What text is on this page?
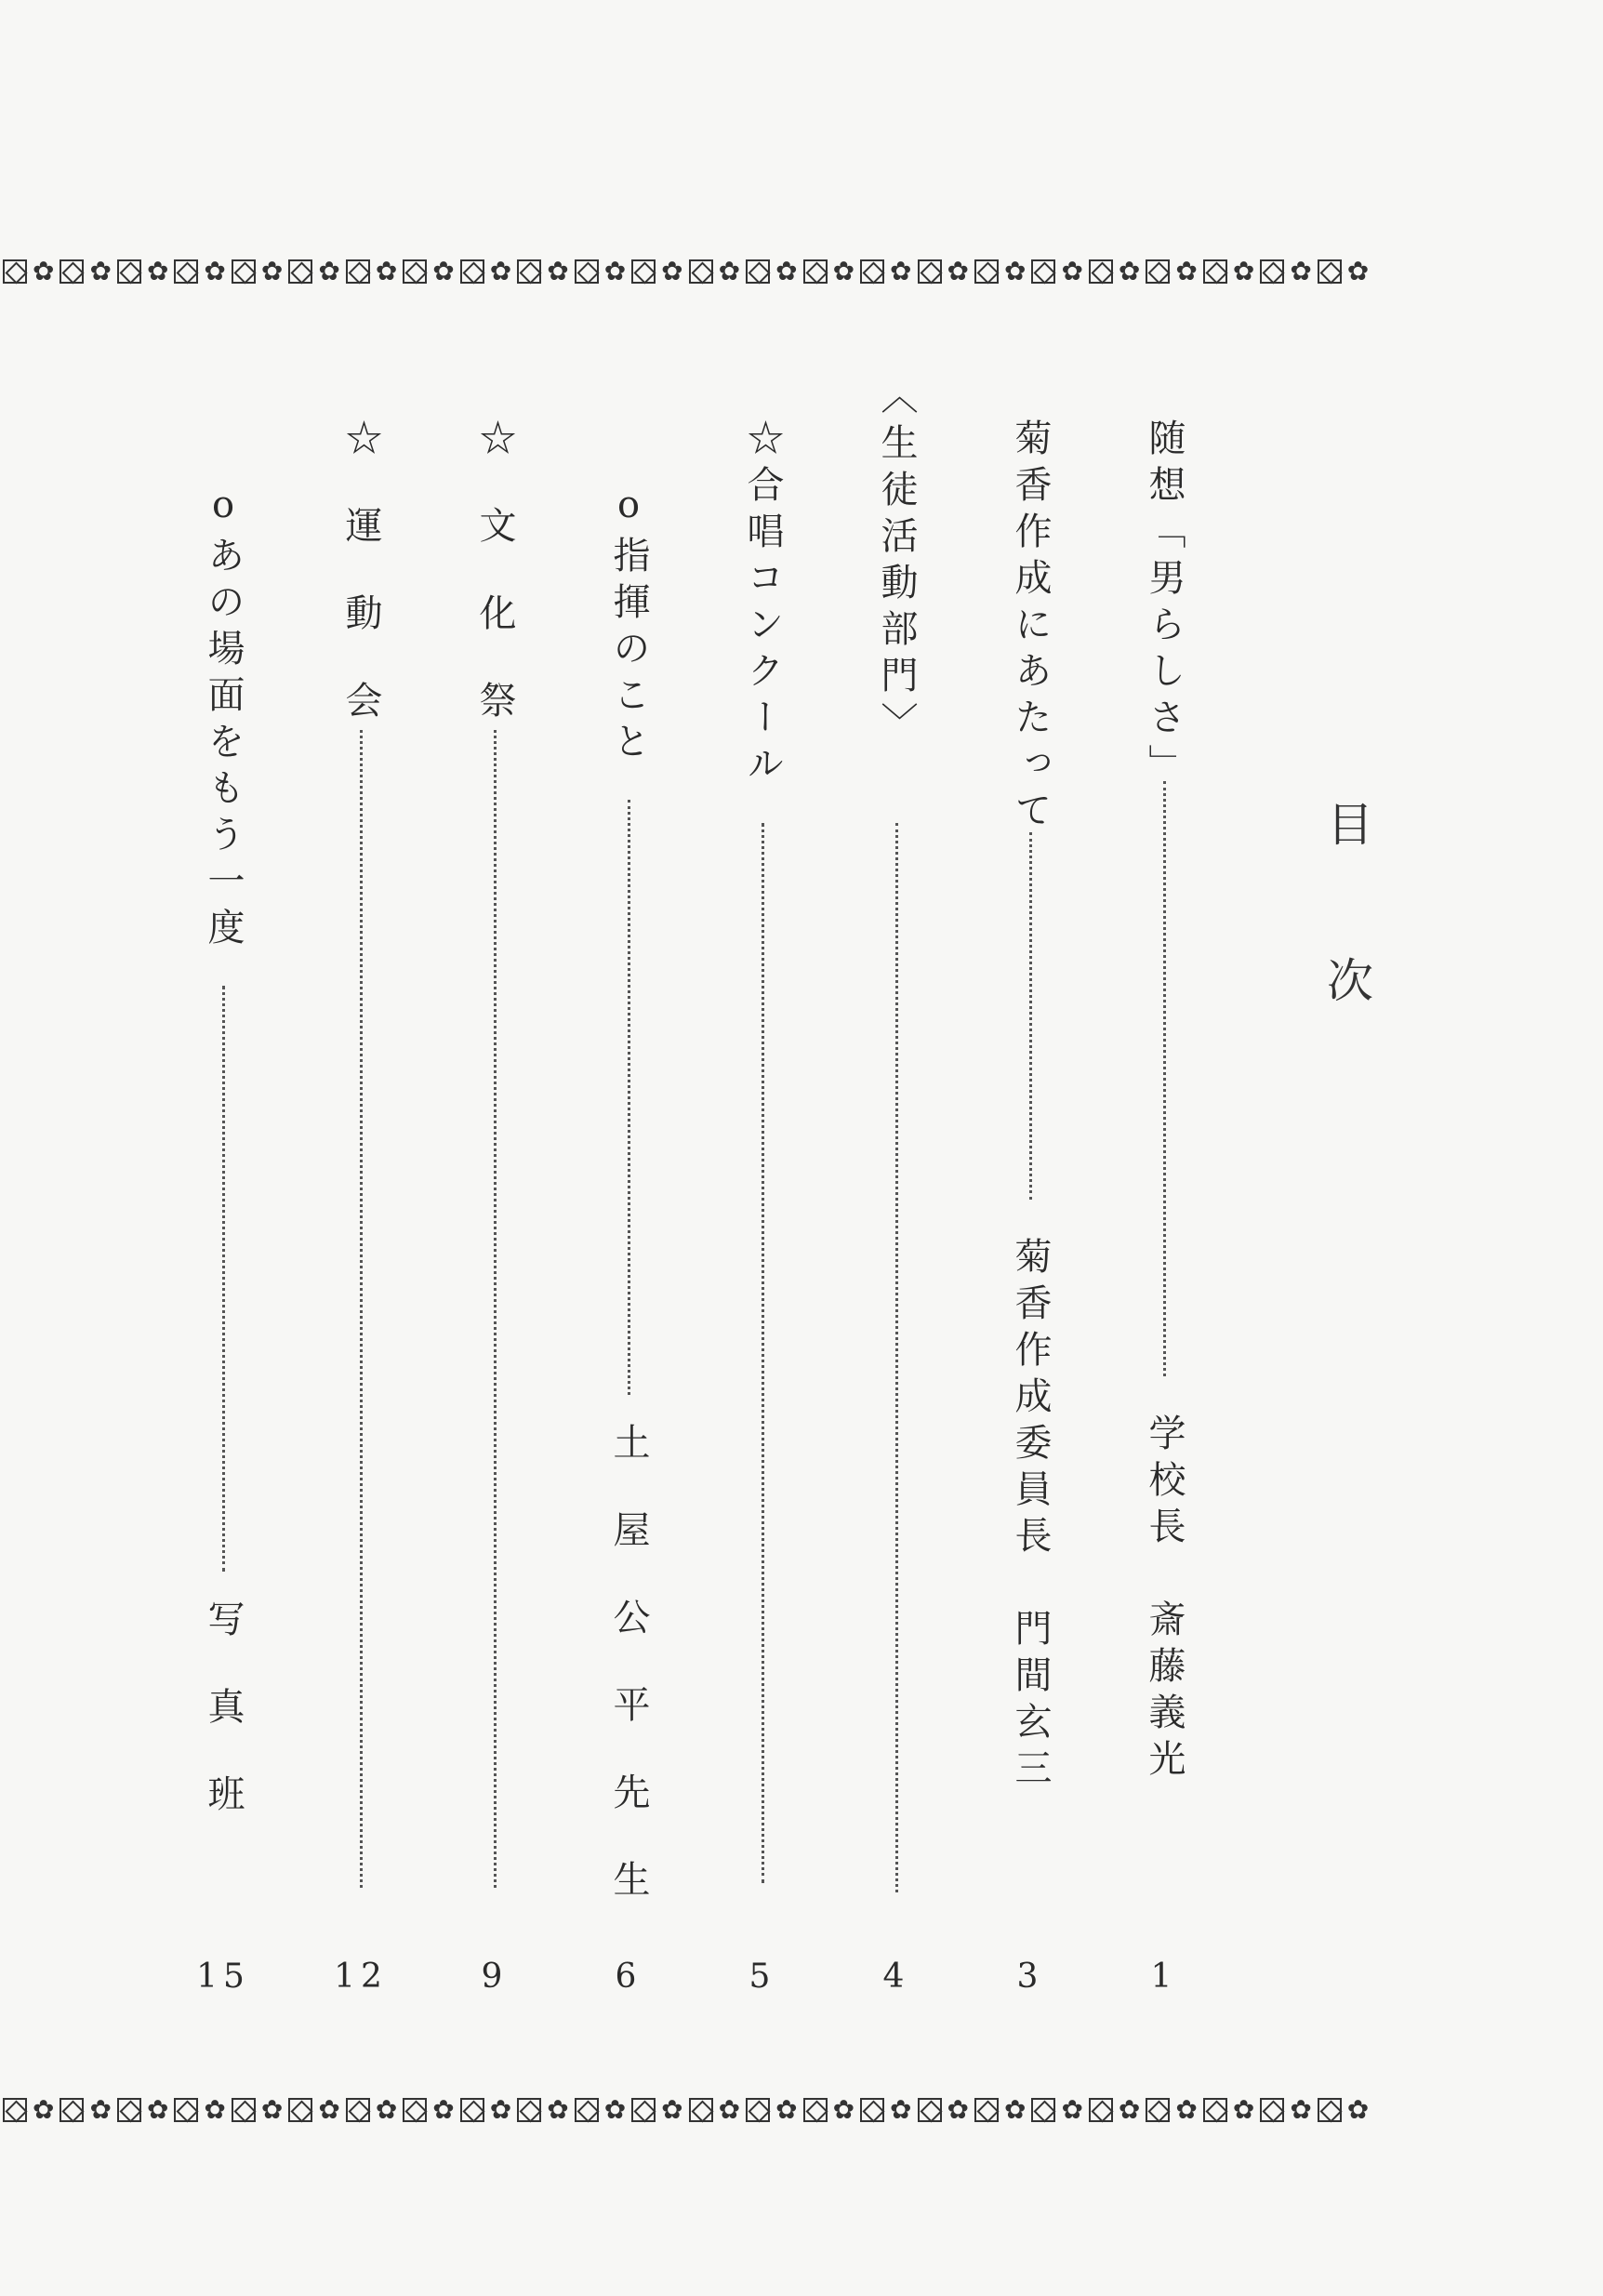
✿ ✿ ✿ ✿ ✿ ✿ ✿ ✿ ✿ ✿ ✿ ✿ ✿ ✿ ✿ ✿ ✿ ✿ ✿ ✿ ✿ ✿ ✿ ✿
✿ ✿ ✿ ✿ ✿ ✿ ✿ ✿ ✿ ✿ ✿ ✿ ✿ ✿ ✿ ✿ ✿ ✿ ✿ ✿ ✿ ✿ ✿ ✿
目次
随想「男らしさ」
学校長　斎藤義光
1
菊香作成にあたって
菊香作成委員長　門間玄三
3
〈生徒活動部門〉
4
☆合唱コンクール
5
o指揮のこと
土屋公平先生
6
☆文化祭
9
☆運動会
12
oあの場面をもう一度
写真班
15
